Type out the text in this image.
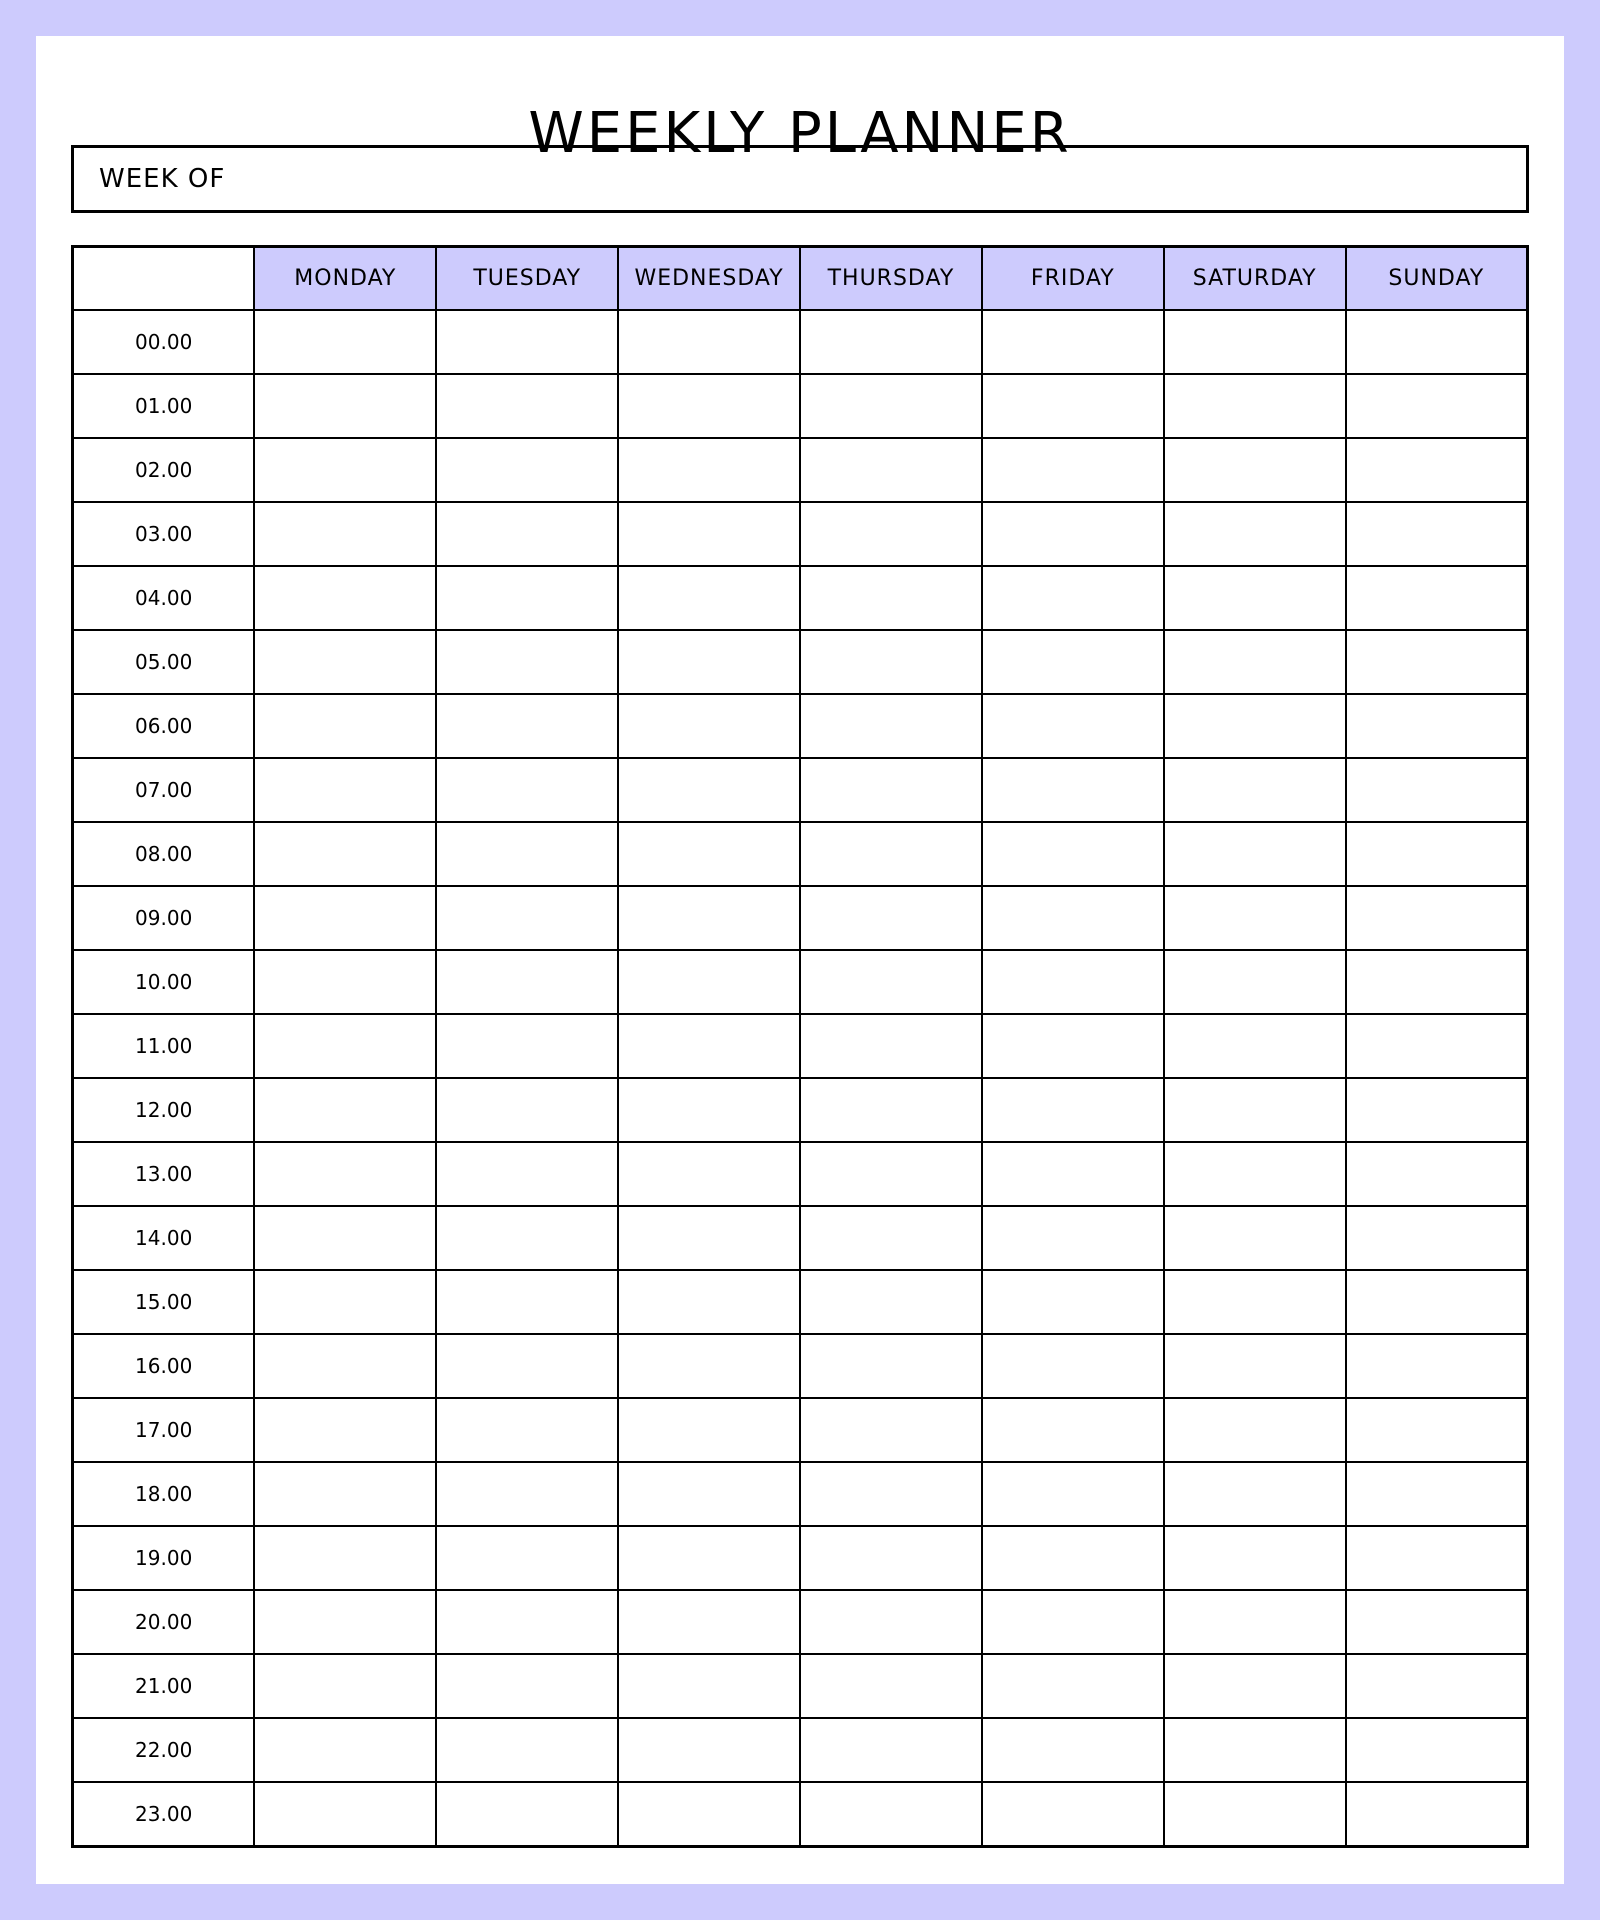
WEEKLY PLANNER
WEEK OF
	MONDAY	TUESDAY	WEDNESDAY	THURSDAY	FRIDAY	SATURDAY	SUNDAY
00.00							
01.00							
02.00							
03.00							
04.00							
05.00							
06.00							
07.00							
08.00							
09.00							
10.00							
11.00							
12.00							
13.00							
14.00							
15.00							
16.00							
17.00							
18.00							
19.00							
20.00							
21.00							
22.00							
23.00							
